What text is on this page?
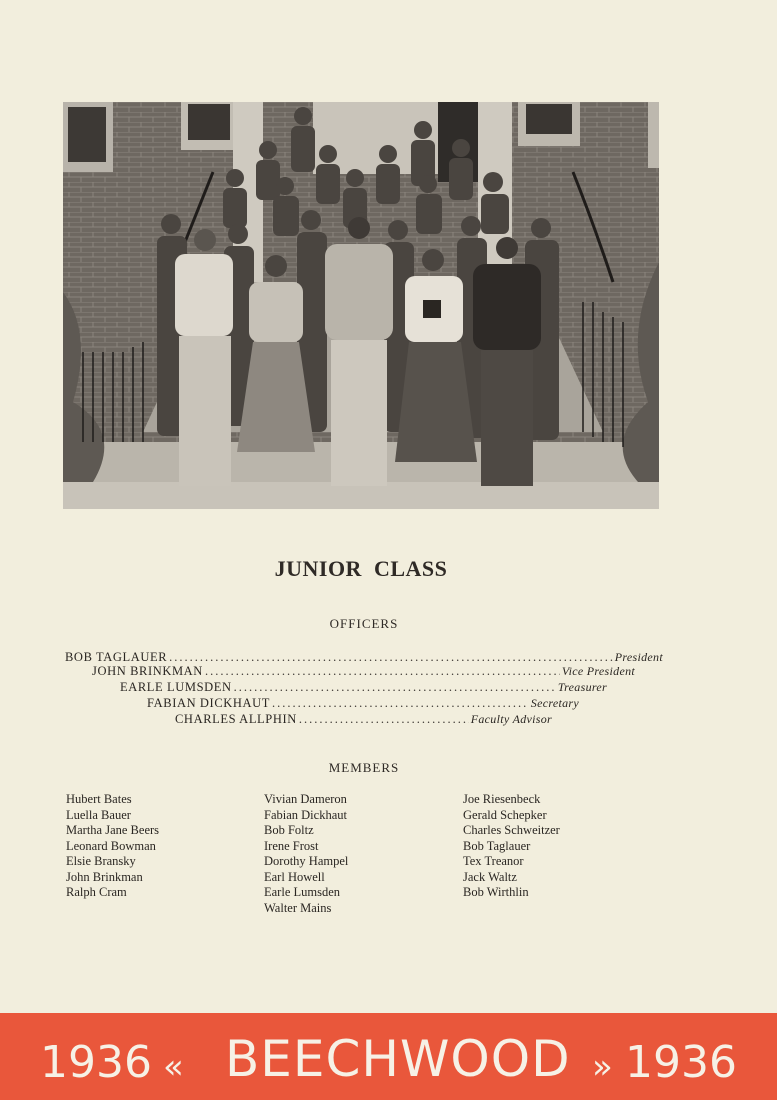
JUNIOR CLASS
OFFICERS
BOB TAGLAUER .....	President
JOHN BRINKMAN .....	Vice President
EARLE LUMSDEN .....	Treasurer
FABIAN DICKHAUT .....	Secretary
CHARLES ALLPHIN .....	Faculty Advisor
MEMBERS
Hubert Bates
Luella Bauer
Martha Jane Beers
Leonard Bowman
Elsie Bransky
John Brinkman
Ralph Cram
Vivian Dameron
Fabian Dickhaut
Bob Foltz
Irene Frost
Dorothy Hampel
Earl Howell
Earle Lumsden
Walter Mains
Joe Riesenbeck
Gerald Schepker
Charles Schweitzer
Bob Taglauer
Tex Treanor
Jack Waltz
Bob Wirthlin
1936 « BEECHWOOD » 1936
